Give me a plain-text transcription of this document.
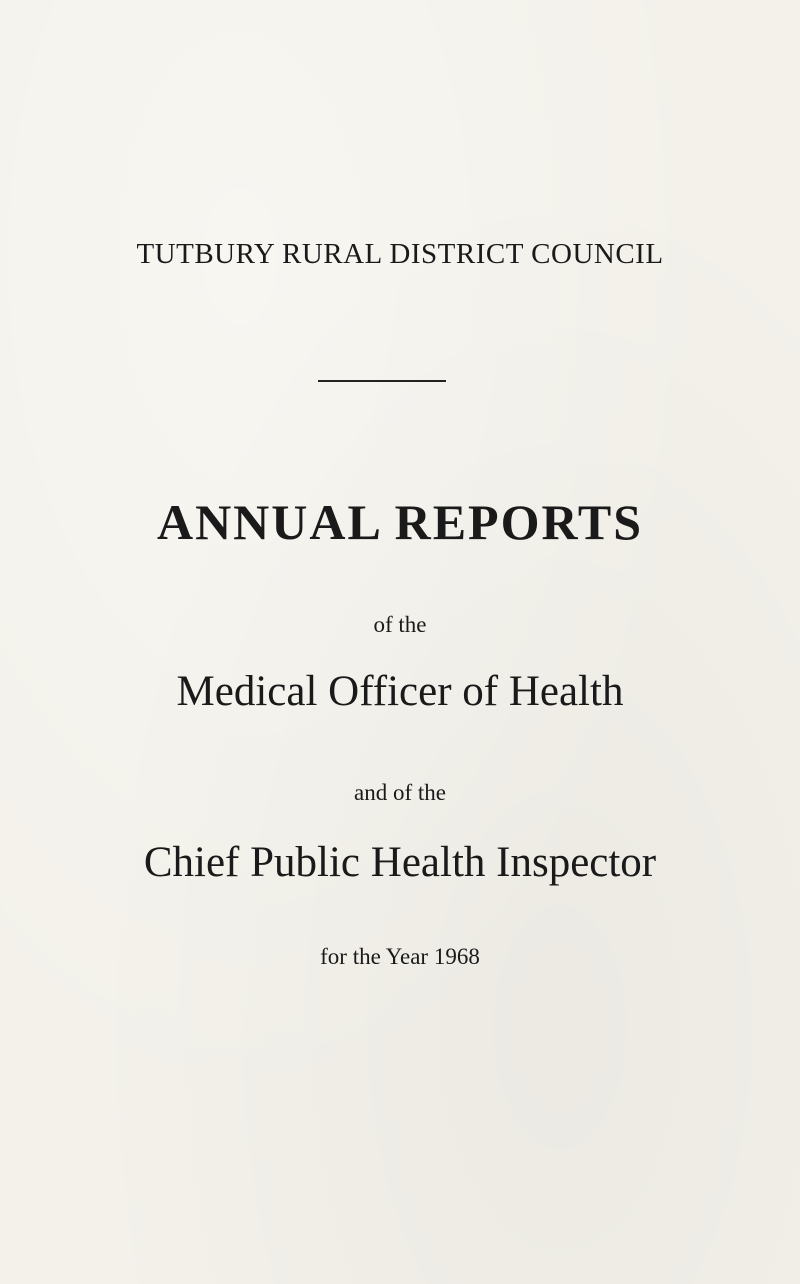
TUTBURY RURAL DISTRICT COUNCIL
ANNUAL REPORTS
of the
Medical Officer of Health
and of the
Chief Public Health Inspector
for the Year 1968
